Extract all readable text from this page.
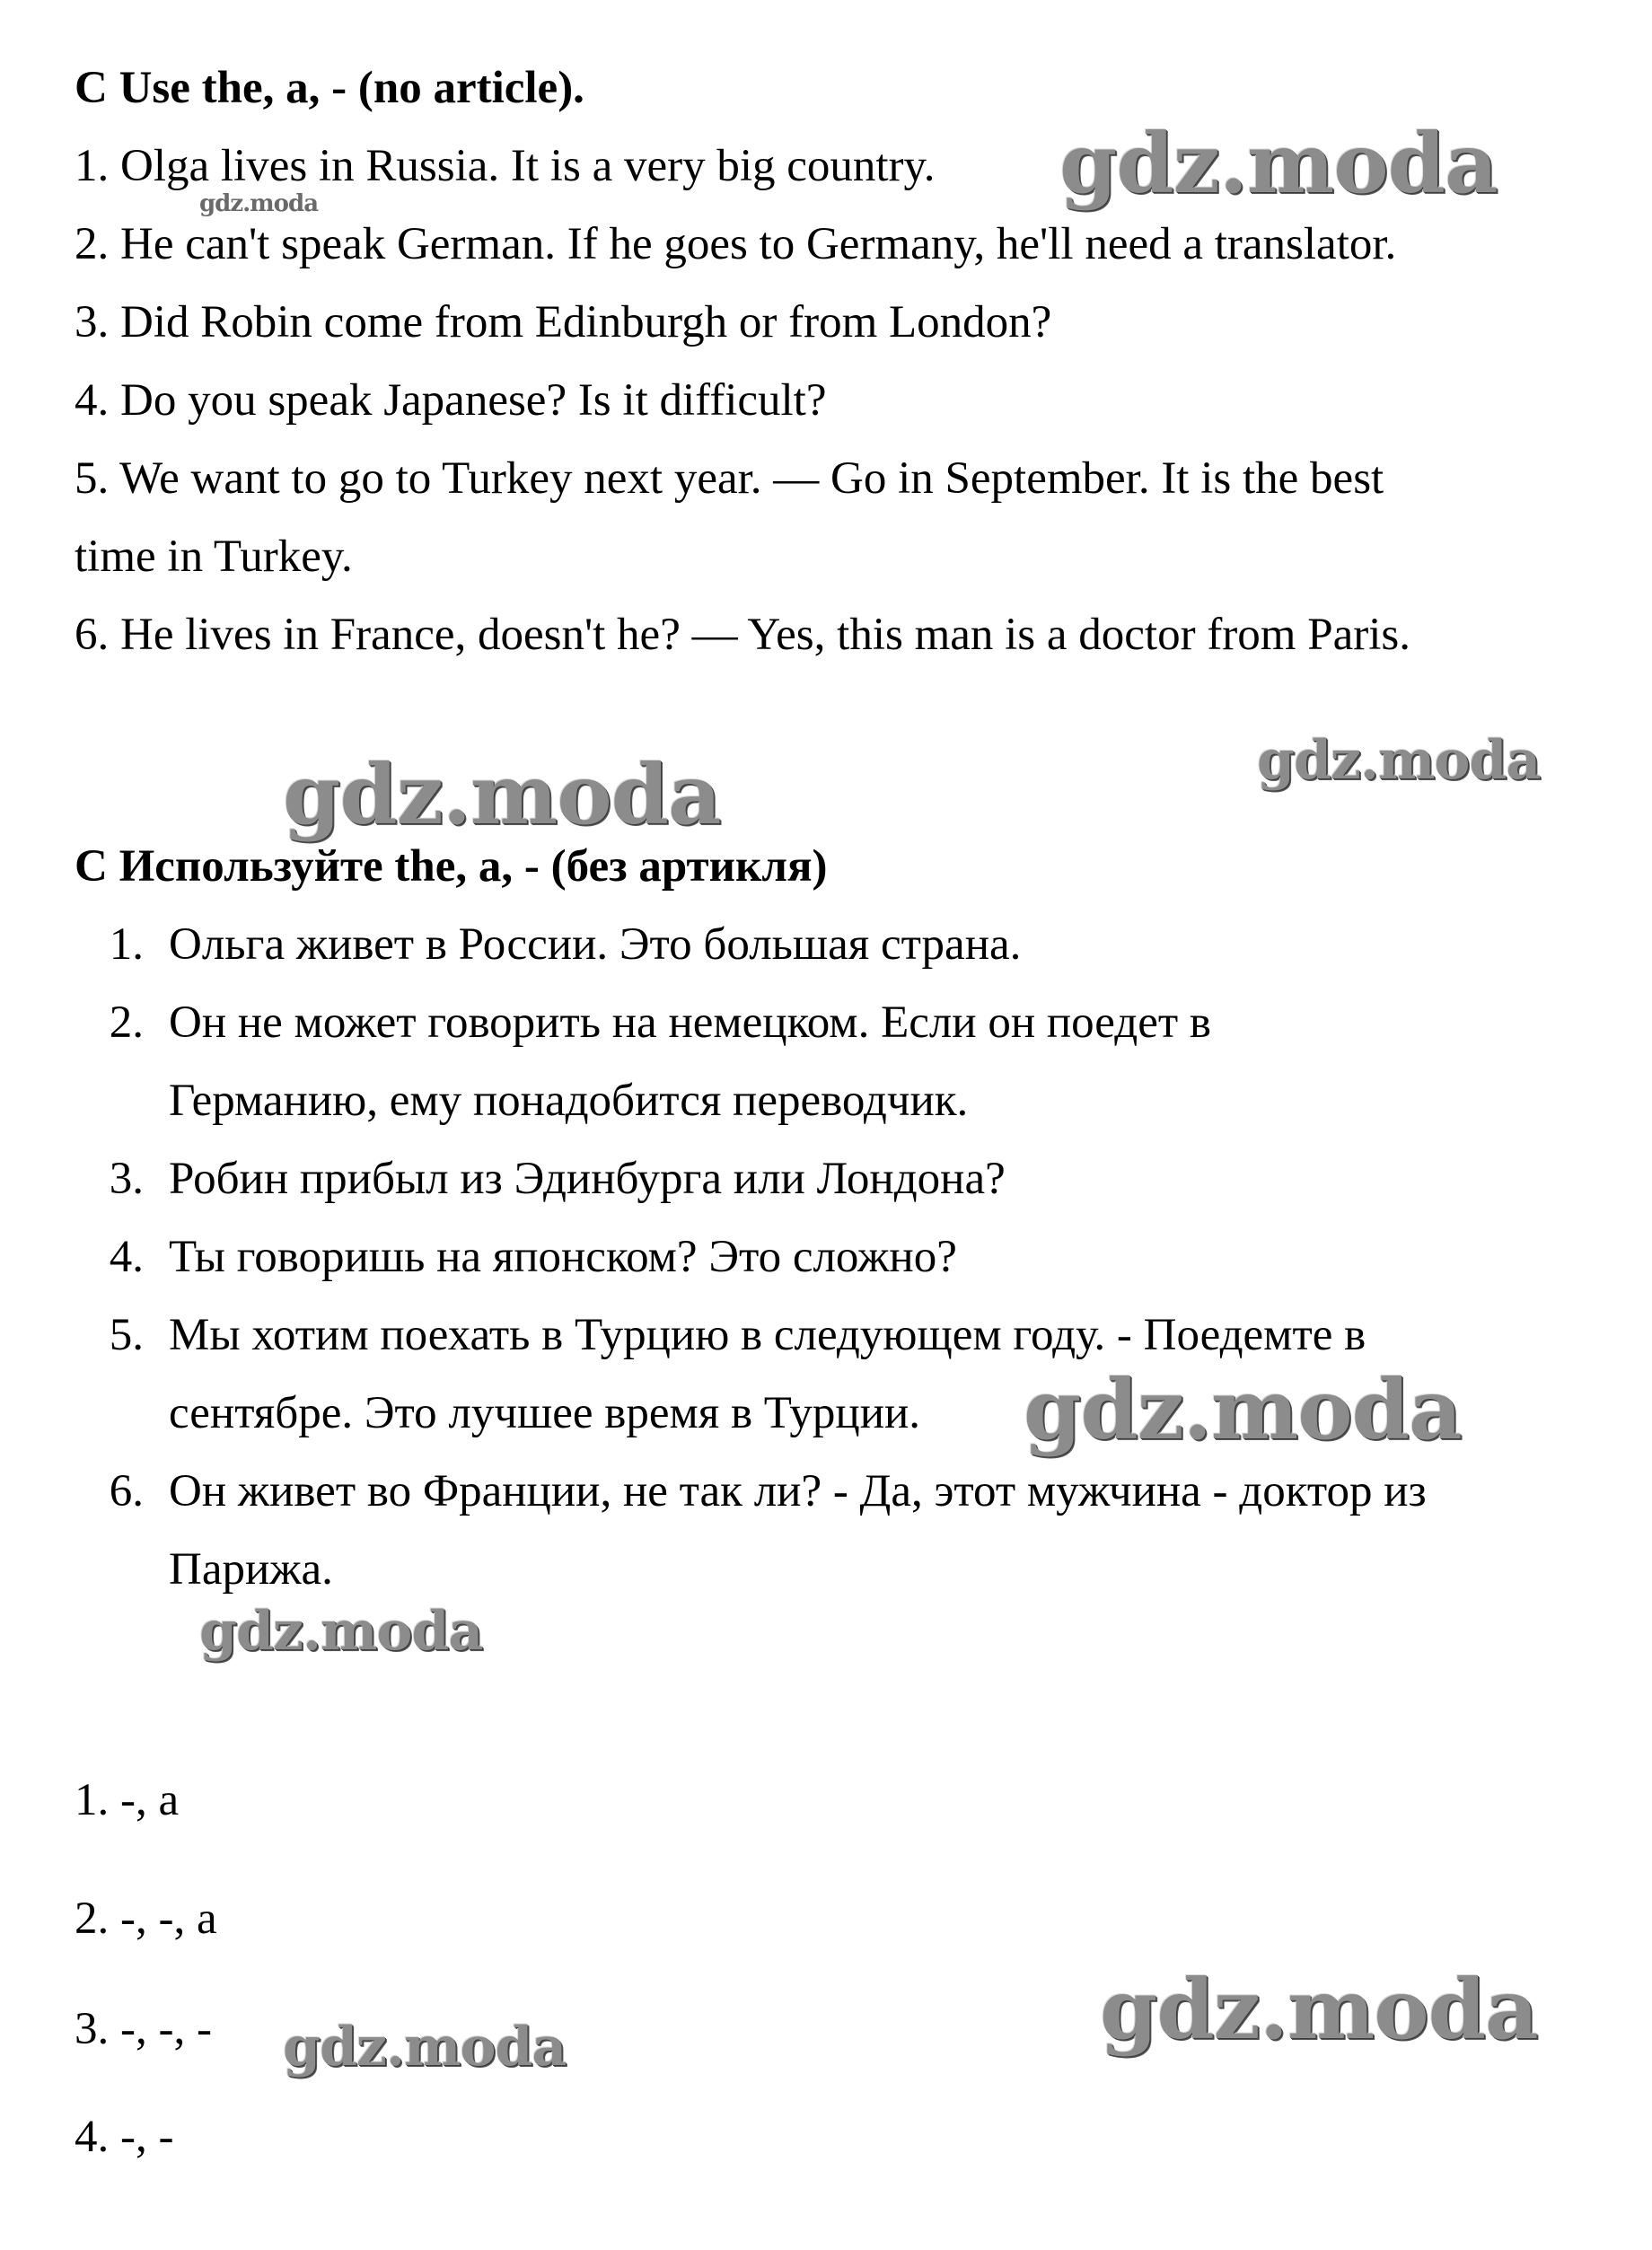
C Use the, a, - (no article).
1. Olga lives in Russia. It is a very big country.
2. He can't speak German. If he goes to Germany, he'll need a translator.
3. Did Robin come from Edinburgh or from London?
4. Do you speak Japanese? Is it difficult?
5. We want to go to Turkey next year. — Go in September. It is the best
time in Turkey.
6. He lives in France, doesn't he? — Yes, this man is a doctor from Paris.
C Используйте the, a, - (без артикля)
1. Ольга живет в России. Это большая страна.
2. Он не может говорить на немецком. Если он поедет в
Германию, ему понадобится переводчик.
3. Робин прибыл из Эдинбурга или Лондона?
4. Ты говоришь на японском? Это сложно?
5. Мы хотим поехать в Турцию в следующем году. - Поедемте в
сентябре. Это лучшее время в Турции.
6. Он живет во Франции, не так ли? - Да, этот мужчина - доктор из
Парижа.
1. -, a
2. -, -, a
3. -, -, -
4. -, -
gdz.moda
gdz.moda
gdz.moda	gdz.moda
gdz.moda
gdz.moda
gdz.moda	gdz.moda
